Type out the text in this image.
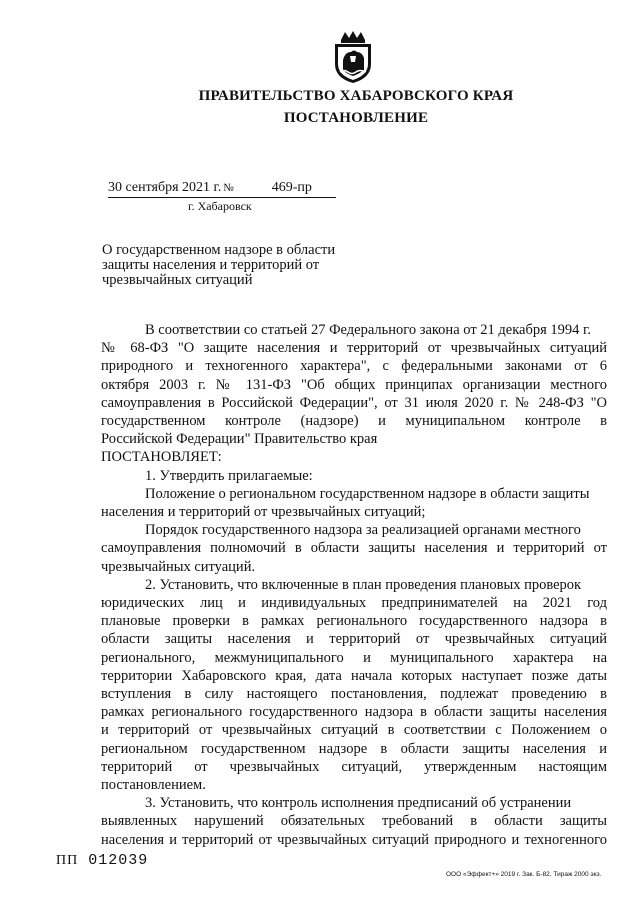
ПРАВИТЕЛЬСТВО ХАБАРОВСКОГО КРАЯ
ПОСТАНОВЛЕНИЕ
30 сентября 2021 г. №	469-пр
г. Хабаровск
О государственном надзоре в области
защиты населения и территорий от
чрезвычайных ситуаций
В соответствии со статьей 27 Федерального закона от 21 декабря 1994 г.
№ 68-ФЗ "О защите населения и территорий от чрезвычайных ситуаций
природного и техногенного характера", с федеральными законами от 6
октября 2003 г. № 131-ФЗ "Об общих принципах организации местного
самоуправления в Российской Федерации", от 31 июля 2020 г. № 248-ФЗ "О
государственном контроле (надзоре) и муниципальном контроле в
Российской Федерации" Правительство края
ПОСТАНОВЛЯЕТ:
1. Утвердить прилагаемые:
Положение о региональном государственном надзоре в области защиты
населения и территорий от чрезвычайных ситуаций;
Порядок государственного надзора за реализацией органами местного
самоуправления полномочий в области защиты населения и территорий от
чрезвычайных ситуаций.
2. Установить, что включенные в план проведения плановых проверок
юридических лиц и индивидуальных предпринимателей на 2021 год
плановые проверки в рамках регионального государственного надзора в
области защиты населения и территорий от чрезвычайных ситуаций
регионального, межмуниципального и муниципального характера на
территории Хабаровского края, дата начала которых наступает позже даты
вступления в силу настоящего постановления, подлежат проведению в
рамках регионального государственного надзора в области защиты населения
и территорий от чрезвычайных ситуаций в соответствии с Положением о
региональном государственном надзоре в области защиты населения и
территорий от чрезвычайных ситуаций, утвержденным настоящим
постановлением.
3. Установить, что контроль исполнения предписаний об устранении
выявленных нарушений обязательных требований в области защиты
населения и территорий от чрезвычайных ситуаций природного и техногенного
ПП 012039
ООО «Эффект+» 2019 г. Зак. Б-82. Тираж 2000 экз.
